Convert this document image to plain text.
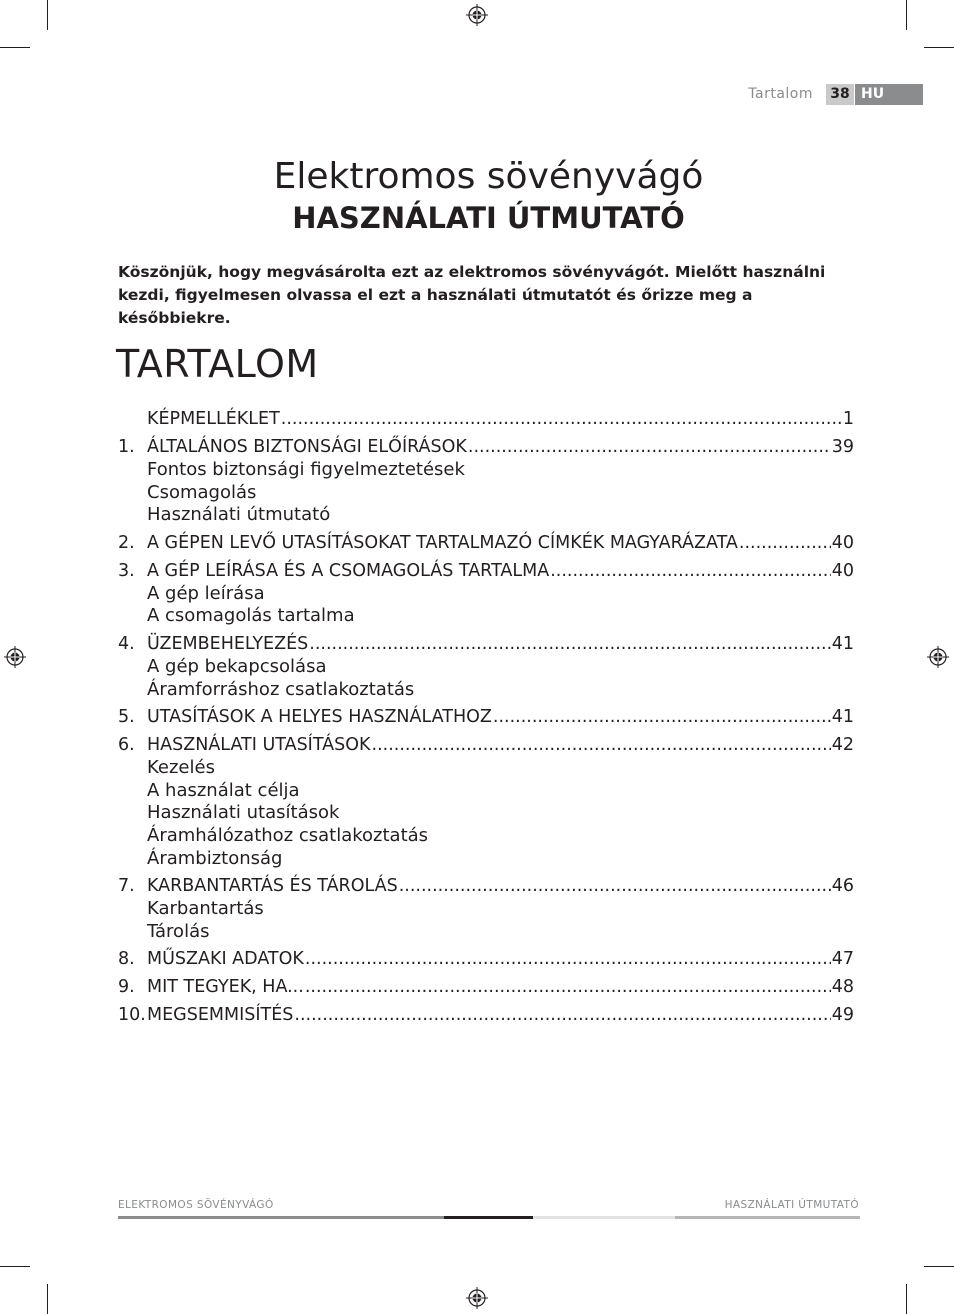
Tartalom	38 HU
Elektromos sövényvágó
HASZNÁLATI ÚTMUTATÓ
Köszönjük, hogy megvásárolta ezt az elektromos sövényvágót. Mielőtt használni kezdi, figyelmesen olvassa el ezt a használati útmutatót és őrizze meg a későbbiekre.
TARTALOM
KÉPMELLÉKLET .....	1
1. ÁLTALÁNOS BIZTONSÁGI ELŐÍRÁSOK .....	39
Fontos biztonsági figyelmeztetések
Csomagolás
Használati útmutató
2. A GÉPEN LEVŐ UTASÍTÁSOKAT TARTALMAZÓ CÍMKÉK MAGYARÁZATA .....	40
3. A GÉP LEÍRÁSA ÉS A CSOMAGOLÁS TARTALMA .....	40
A gép leírása
A csomagolás tartalma
4. ÜZEMBEHELYEZÉS .....	41
A gép bekapcsolása
Áramforráshoz csatlakoztatás
5. UTASÍTÁSOK A HELYES HASZNÁLATHOZ .....	41
6. HASZNÁLATI UTASÍTÁSOK .....	42
Kezelés
A használat célja
Használati utasítások
Áramhálózathoz csatlakoztatás
Árambiztonság
7. KARBANTARTÁS ÉS TÁROLÁS .....	46
Karbantartás
Tárolás
8. MŰSZAKI ADATOK .....	47
9. MIT TEGYEK, HA... .....	48
10. MEGSEMMISÍTÉS .....	49
ELEKTROMOS SÖVÉNYVÁGÓ	HASZNÁLATI ÚTMUTATÓ
